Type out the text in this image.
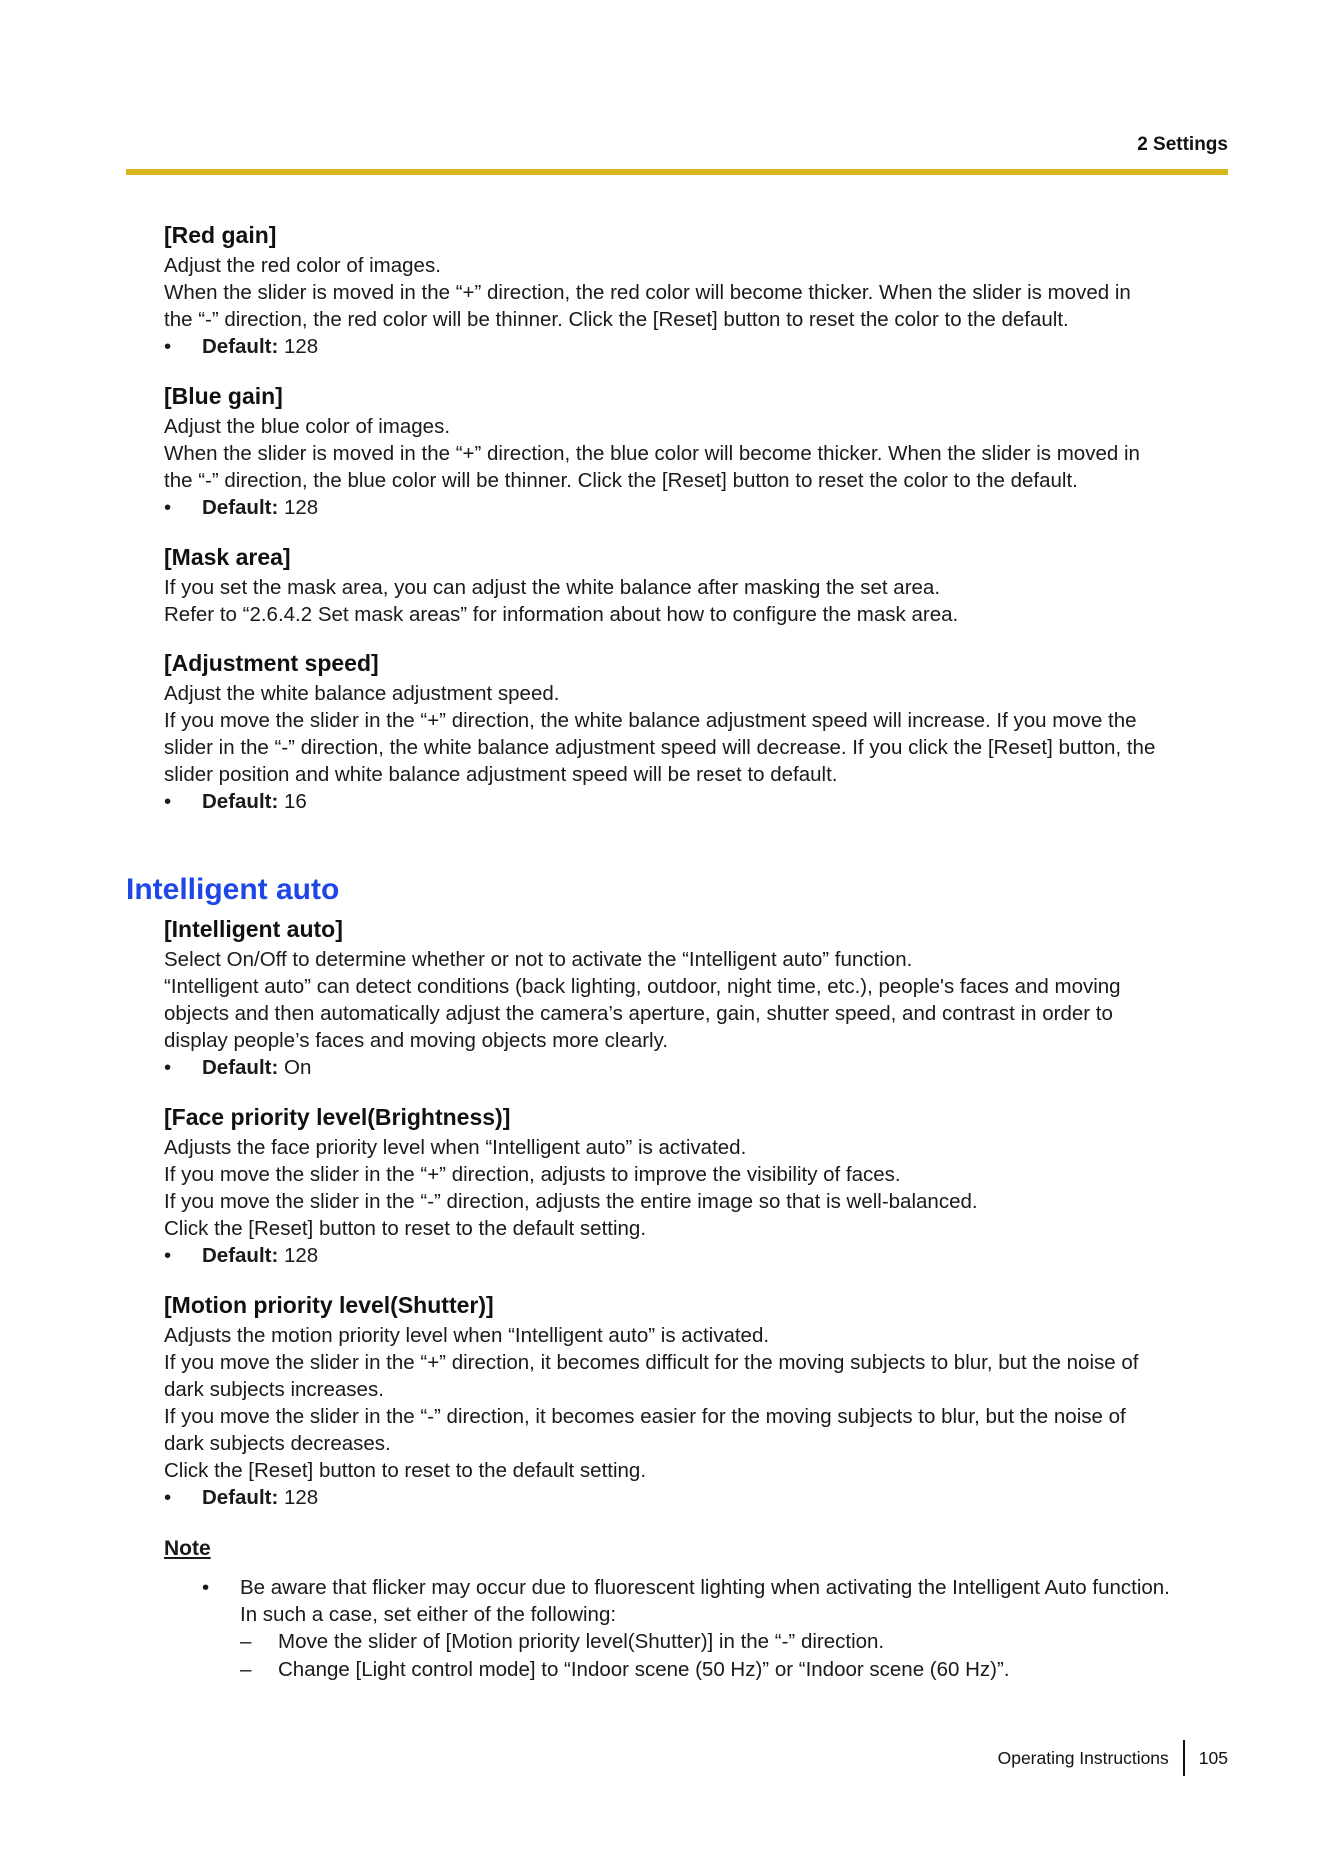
2 Settings
[Red gain]

Adjust the red color of images.

When the slider is moved in the “+” direction, the red color will become thicker. When the slider is moved in

the “-” direction, the red color will be thinner. Click the [Reset] button to reset the color to the default.

• Default: 128

[Blue gain]

Adjust the blue color of images.

When the slider is moved in the “+” direction, the blue color will become thicker. When the slider is moved in

the “-” direction, the blue color will be thinner. Click the [Reset] button to reset the color to the default.

• Default: 128

[Mask area]

If you set the mask area, you can adjust the white balance after masking the set area.

Refer to “2.6.4.2 Set mask areas” for information about how to configure the mask area.

[Adjustment speed]

Adjust the white balance adjustment speed.

If you move the slider in the “+” direction, the white balance adjustment speed will increase. If you move the

slider in the “-” direction, the white balance adjustment speed will decrease. If you click the [Reset] button, the

slider position and white balance adjustment speed will be reset to default.

• Default: 16

Intelligent auto
[Intelligent auto]

Select On/Off to determine whether or not to activate the “Intelligent auto” function.

“Intelligent auto” can detect conditions (back lighting, outdoor, night time, etc.), people's faces and moving

objects and then automatically adjust the camera’s aperture, gain, shutter speed, and contrast in order to

display people’s faces and moving objects more clearly.

• Default: On

[Face priority level(Brightness)]

Adjusts the face priority level when “Intelligent auto” is activated.

If you move the slider in the “+” direction, adjusts to improve the visibility of faces.

If you move the slider in the “-” direction, adjusts the entire image so that is well-balanced.

Click the [Reset] button to reset to the default setting.

• Default: 128

[Motion priority level(Shutter)]

Adjusts the motion priority level when “Intelligent auto” is activated.

If you move the slider in the “+” direction, it becomes difficult for the moving subjects to blur, but the noise of

dark subjects increases.

If you move the slider in the “-” direction, it becomes easier for the moving subjects to blur, but the noise of

dark subjects decreases.

Click the [Reset] button to reset to the default setting.

• Default: 128

Note

• Be aware that flicker may occur due to fluorescent lighting when activating the Intelligent Auto function.
In such a case, set either of the following:
– Move the slider of [Motion priority level(Shutter)] in the “-” direction.
– Change [Light control mode] to “Indoor scene (50 Hz)” or “Indoor scene (60 Hz)”.
Operating Instructions 105
